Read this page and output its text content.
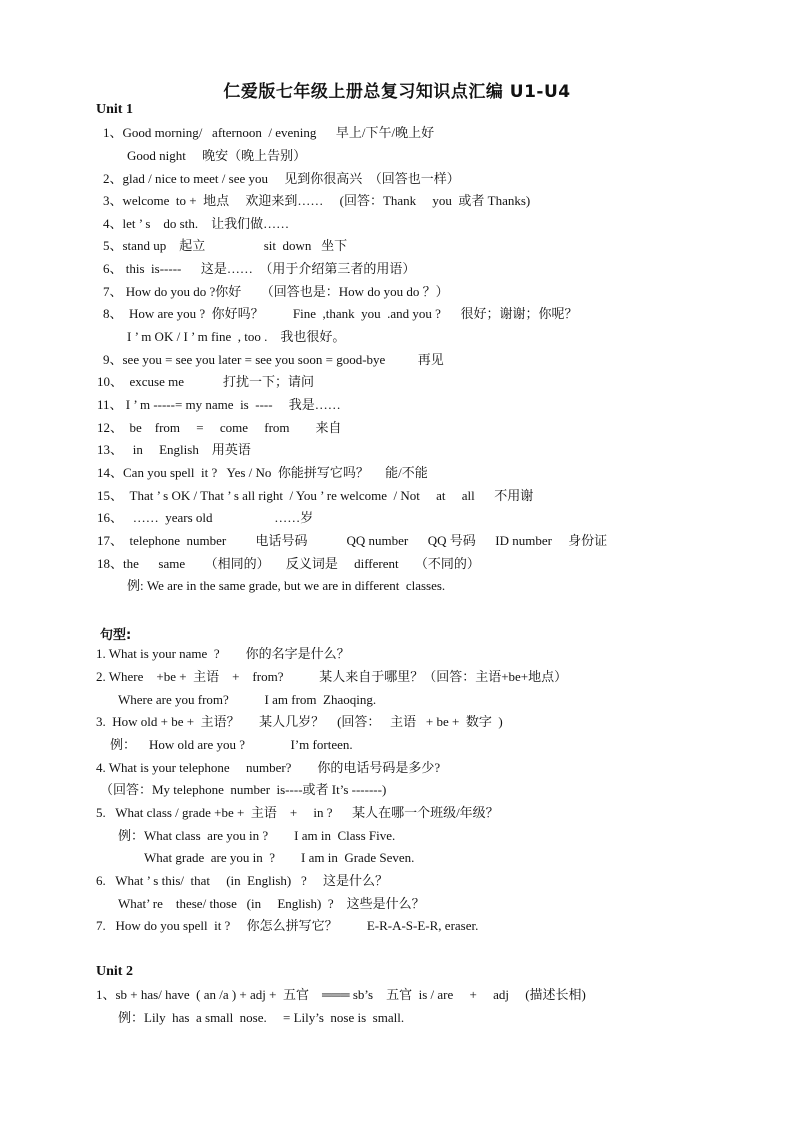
仁爱版七年级上册总复习知识点汇编 U1-U4
Unit 1
1、Good morning/   afternoon  / evening      早上/下午/晚上好
Good night     晚安（晚上告别）
2、glad / nice to meet / see you     见到你很高兴  （回答也一样）
3、welcome  to +  地点     欢迎来到……     (回答：Thank     you  或者 Thanks)
4、let ’ s    do sth.    让我们做……
5、stand up    起立                  sit  down   坐下
6、 this  is-----      这是……  （用于介绍第三者的用语）
7、 How do you do ?你好      （回答也是：How do you do ？）
8、  How are you ?  你好吗？         Fine  ,thank  you  .and you ?      很好；谢谢；你呢？
I ’ m OK / I ’ m fine  , too .    我也很好。
9、see you = see you later = see you soon = good-bye          再见
10、  excuse me            打扰一下；请问
11、 I ’ m -----= my name  is  ----     我是……
12、  be    from     =     come     from        来自
13、   in     English    用英语
14、Can you spell  it ?   Yes / No  你能拼写它吗？     能/不能
15、  That ’ s OK / That ’ s all right  / You ’ re welcome  / Not     at     all      不用谢
16、   ……  years old                   ……岁
17、  telephone  number         电话号码            QQ number      QQ 号码      ID number     身份证
18、the      same      （相同的）     反义词是     different     （不同的）
例: We are in the same grade, but we are in different  classes.
句型:
1. What is your name  ?        你的名字是什么？
2. Where    +be +  主语    +    from?           某人来自于哪里？（回答：主语+be+地点）
Where are you from?           I am from  Zhaoqing.
3.  How old + be +  主语？      某人几岁？    (回答：   主语   + be +  数字  )
例：    How old are you ?              I’m forteen.
4. What is your telephone     number?        你的电话号码是多少?
（回答：My telephone  number  is----或者 It’s -------)
5.   What class / grade +be +  主语    +     in ?      某人在哪一个班级/年级？
例：What class  are you in ?        I am in  Class Five.
What grade  are you in  ?        I am in  Grade Seven.
6.   What ’ s this/  that     (in  English)   ?     这是什么？
What’ re    these/ those   (in     English)  ?    这些是什么？
7.   How do you spell  it ?     你怎么拼写它？         E-R-A-S-E-R, eraser.
Unit 2
1、sb + has/ have  ( an /a ) + adj +  五官    ═══ sb’s    五官  is / are     +     adj     (描述长相)
例：Lily  has  a small  nose.     = Lily’s  nose is  small.
